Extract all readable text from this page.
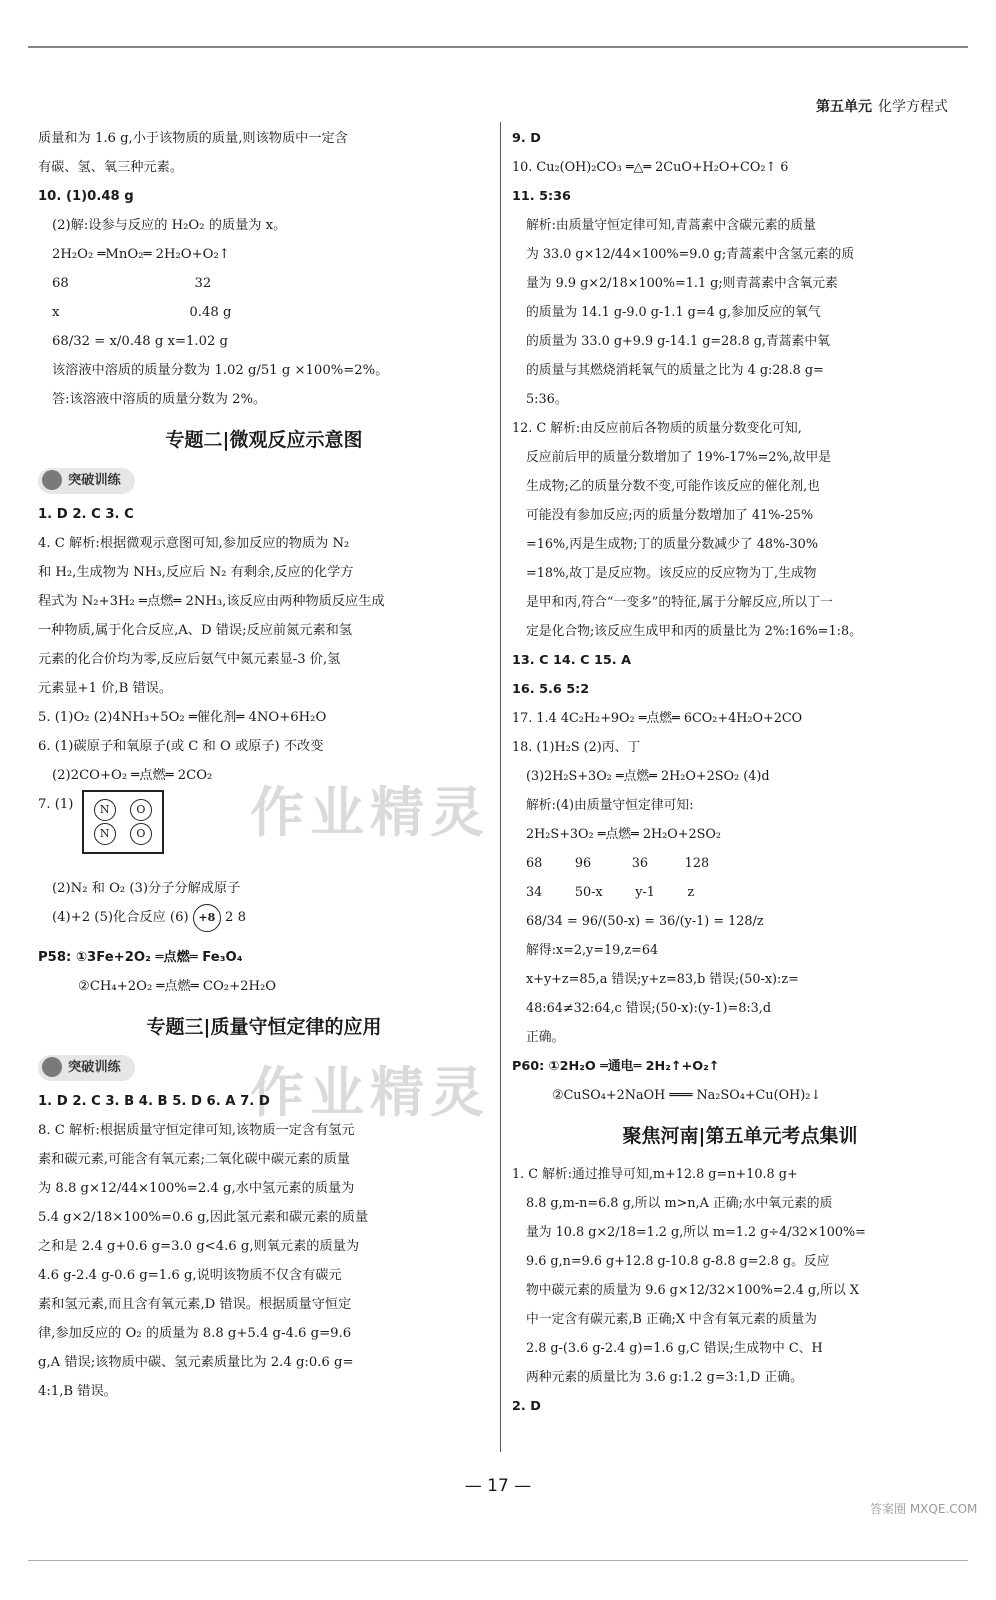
第五单元 化学方程式
作业精灵
作业精灵

质量和为 1.6 g,小于该物质的质量,则该物质中一定含

有碳、氢、氧三种元素。

10. (1)0.48 g

(2)解:设参与反应的 H₂O₂ 的质量为 x。

2H₂O₂ ═MnO₂═ 2H₂O+O₂↑

68                              32

x                               0.48 g

68/32 = x/0.48 g x=1.02 g

该溶液中溶质的质量分数为 1.02 g/51 g ×100%=2%。

答:该溶液中溶质的质量分数为 2%。

专题二|微观反应示意图
突破训练

1. D 2. C 3. C

4. C 解析:根据微观示意图可知,参加反应的物质为 N₂

和 H₂,生成物为 NH₃,反应后 N₂ 有剩余,反应的化学方

程式为 N₂+3H₂ ═点燃═ 2NH₃,该反应由两种物质反应生成

一种物质,属于化合反应,A、D 错误;反应前氮元素和氢

元素的化合价均为零,反应后氨气中氮元素显-3 价,氢

元素显+1 价,B 错误。

5. (1)O₂ (2)4NH₃+5O₂ ═催化剂═ 4NO+6H₂O

6. (1)碳原子和氧原子(或 C 和 O 或原子) 不改变

(2)2CO+O₂ ═点燃═ 2CO₂

7. (1) N O
N O

(2)N₂ 和 O₂ (3)分子分解成原子

(4)+2 (5)化合反应 (6) +8 2 8

P58: ①3Fe+2O₂ ═点燃═ Fe₃O₄

②CH₄+2O₂ ═点燃═ CO₂+2H₂O

专题三|质量守恒定律的应用
突破训练

1. D 2. C 3. B 4. B 5. D 6. A 7. D

8. C 解析:根据质量守恒定律可知,该物质一定含有氢元

素和碳元素,可能含有氧元素;二氧化碳中碳元素的质量

为 8.8 g×12/44×100%=2.4 g,水中氢元素的质量为

5.4 g×2/18×100%=0.6 g,因此氢元素和碳元素的质量

之和是 2.4 g+0.6 g=3.0 g<4.6 g,则氧元素的质量为

4.6 g-2.4 g-0.6 g=1.6 g,说明该物质不仅含有碳元

素和氢元素,而且含有氧元素,D 错误。根据质量守恒定

律,参加反应的 O₂ 的质量为 8.8 g+5.4 g-4.6 g=9.6

g,A 错误;该物质中碳、氢元素质量比为 2.4 g:0.6 g=

4:1,B 错误。

9. D

10. Cu₂(OH)₂CO₃ ═△═ 2CuO+H₂O+CO₂↑ 6

11. 5:36

解析:由质量守恒定律可知,青蒿素中含碳元素的质量

为 33.0 g×12/44×100%=9.0 g;青蒿素中含氢元素的质

量为 9.9 g×2/18×100%=1.1 g;则青蒿素中含氧元素

的质量为 14.1 g-9.0 g-1.1 g=4 g,参加反应的氧气

的质量为 33.0 g+9.9 g-14.1 g=28.8 g,青蒿素中氧

的质量与其燃烧消耗氧气的质量之比为 4 g:28.8 g=

5:36。

12. C 解析:由反应前后各物质的质量分数变化可知,

反应前后甲的质量分数增加了 19%-17%=2%,故甲是

生成物;乙的质量分数不变,可能作该反应的催化剂,也

可能没有参加反应;丙的质量分数增加了 41%-25%

=16%,丙是生成物;丁的质量分数减少了 48%-30%

=18%,故丁是反应物。该反应的反应物为丁,生成物

是甲和丙,符合“一变多”的特征,属于分解反应,所以丁一

定是化合物;该反应生成甲和丙的质量比为 2%:16%=1:8。

13. C 14. C 15. A

16. 5.6 5:2

17. 1.4 4C₂H₂+9O₂ ═点燃═ 6CO₂+4H₂O+2CO

18. (1)H₂S (2)丙、丁

(3)2H₂S+3O₂ ═点燃═ 2H₂O+2SO₂ (4)d

解析:(4)由质量守恒定律可知:

2H₂S+3O₂ ═点燃═ 2H₂O+2SO₂

68        96          36         128

34        50-x        y-1        z

68/34 = 96/(50-x) = 36/(y-1) = 128/z

解得:x=2,y=19,z=64

x+y+z=85,a 错误;y+z=83,b 错误;(50-x):z=

48:64≠32:64,c 错误;(50-x):(y-1)=8:3,d

正确。

P60: ①2H₂O ═通电═ 2H₂↑+O₂↑

②CuSO₄+2NaOH ═══ Na₂SO₄+Cu(OH)₂↓

聚焦河南|第五单元考点集训

1. C 解析:通过推导可知,m+12.8 g=n+10.8 g+

8.8 g,m-n=6.8 g,所以 m>n,A 正确;水中氧元素的质

量为 10.8 g×2/18=1.2 g,所以 m=1.2 g÷4/32×100%=

9.6 g,n=9.6 g+12.8 g-10.8 g-8.8 g=2.8 g。反应

物中碳元素的质量为 9.6 g×12/32×100%=2.4 g,所以 X

中一定含有碳元素,B 正确;X 中含有氧元素的质量为

2.8 g-(3.6 g-2.4 g)=1.6 g,C 错误;生成物中 C、H

两种元素的质量比为 3.6 g:1.2 g=3:1,D 正确。

2. D

— 17 —
答案圈 MXQE.COM
